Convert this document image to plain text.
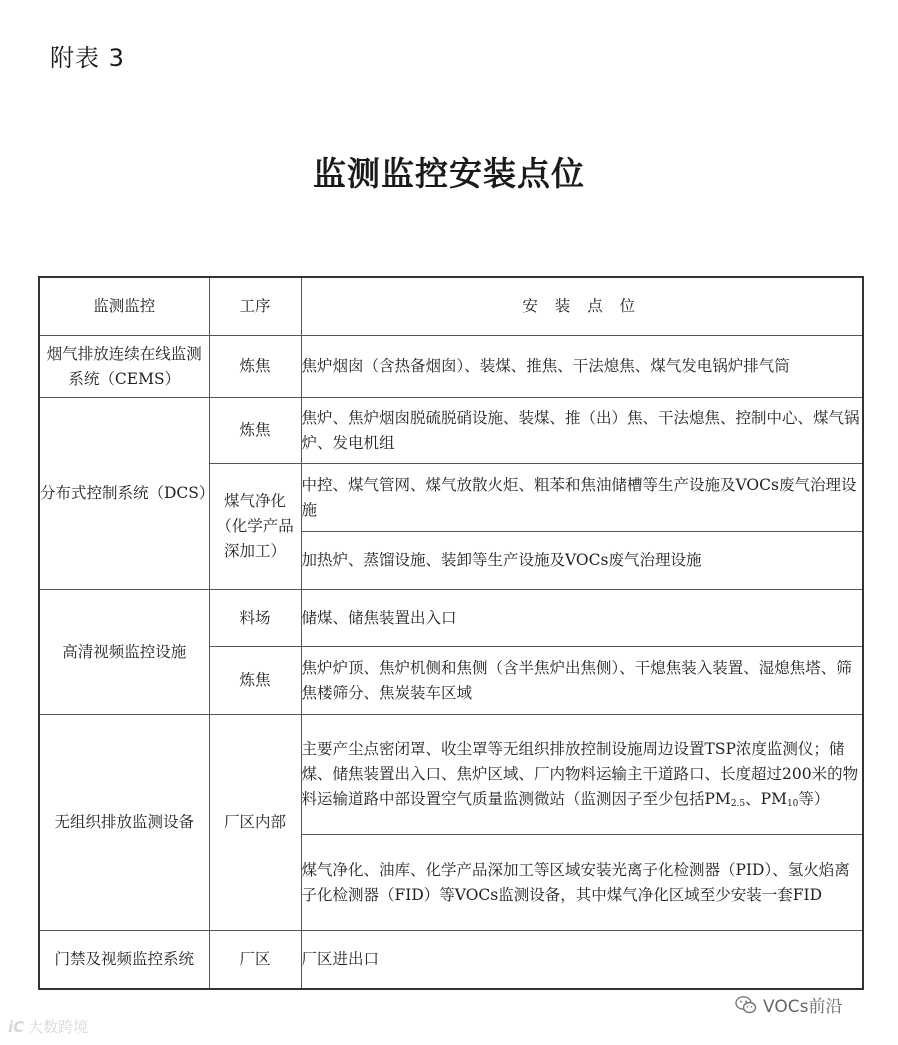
附表 3
监测监控安装点位
监测监控	工序	安 装 点 位
烟气排放连续在线监测系统（CEMS）	炼焦	焦炉烟囱（含热备烟囱）、装煤、推焦、干法熄焦、煤气发电锅炉排气筒
分布式控制系统（DCS）	炼焦	焦炉、焦炉烟囱脱硫脱硝设施、装煤、推（出）焦、干法熄焦、控制中心、煤气锅炉、发电机组
	煤气净化（化学产品深加工）	中控、煤气管网、煤气放散火炬、粗苯和焦油储槽等生产设施及VOCs废气治理设施
		加热炉、蒸馏设施、装卸等生产设施及VOCs废气治理设施
高清视频监控设施	料场	储煤、储焦装置出入口
	炼焦	焦炉炉顶、焦炉机侧和焦侧（含半焦炉出焦侧）、干熄焦装入装置、湿熄焦塔、筛焦楼筛分、焦炭装车区域
无组织排放监测设备	厂区内部	主要产尘点密闭罩、收尘罩等无组织排放控制设施周边设置TSP浓度监测仪；储煤、储焦装置出入口、焦炉区域、厂内物料运输主干道路口、长度超过200米的物料运输道路中部设置空气质量监测微站（监测因子至少包括$PM_{2.5}$、$PM_{10}$等）
		煤气净化、油库、化学产品深加工等区域安装光离子化检测器（PID）、氢火焰离子化检测器（FID）等VOCs监测设备，其中煤气净化区域至少安装一套FID
门禁及视频监控系统	厂区	厂区进出口
iC 大数跨境
VOCs前沿
